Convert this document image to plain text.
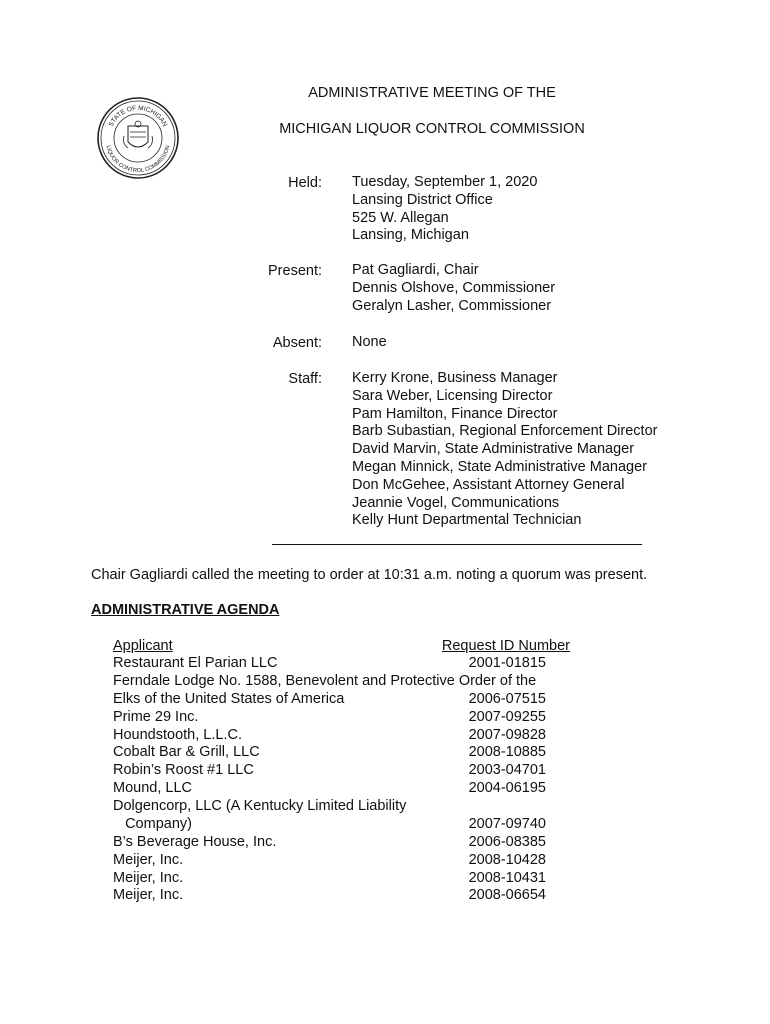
STATE OF MICHIGAN
LIQUOR CONTROL COMMISSION
ADMINISTRATIVE MEETING OF THE
MICHIGAN LIQUOR CONTROL COMMISSION
Held: Tuesday, September 1, 2020
Lansing District Office
525 W. Allegan
Lansing, Michigan
Present: Pat Gagliardi, Chair
Dennis Olshove, Commissioner
Geralyn Lasher, Commissioner
Absent: None
Staff: Kerry Krone, Business Manager
Sara Weber, Licensing Director
Pam Hamilton, Finance Director
Barb Subastian, Regional Enforcement Director
David Marvin, State Administrative Manager
Megan Minnick, State Administrative Manager
Don McGehee, Assistant Attorney General
Jeannie Vogel, Communications
Kelly Hunt Departmental Technician
Chair Gagliardi called the meeting to order at 10:31 a.m. noting a quorum was present.
ADMINISTRATIVE AGENDA
Applicant	Request ID Number
Restaurant El Parian LLC	2001-01815
Ferndale Lodge No. 1588, Benevolent and Protective Order of the
Elks of the United States of America	2006-07515
Prime 29 Inc.	2007-09255
Houndstooth, L.L.C.	2007-09828
Cobalt Bar & Grill, LLC	2008-10885
Robin’s Roost #1 LLC	2003-04701
Mound, LLC	2004-06195
Dolgencorp, LLC (A Kentucky Limited Liability
Company)	2007-09740
B’s Beverage House, Inc.	2006-08385
Meijer, Inc.	2008-10428
Meijer, Inc.	2008-10431
Meijer, Inc.	2008-06654
